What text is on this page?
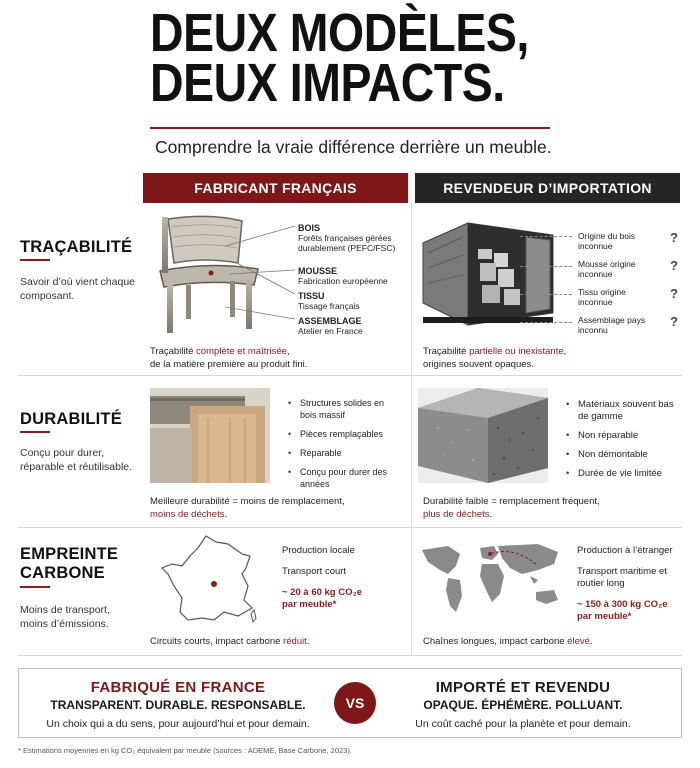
DEUX MODÈLES,
DEUX IMPACTS.
Comprendre la vraie différence derrière un meuble.
FABRICANT FRANÇAIS	REVENDEUR D’IMPORTATION
TRAÇABILITÉ
Savoir d’où vient chaque composant.
BOIS
Forêts françaises gérées durablement (PEFC/FSC)
MOUSSE
Fabrication européenne
TISSU
Tissage français
ASSEMBLAGE
Atelier en France
Traçabilité complète et maîtrisée,
de la matière première au produit fini.
Origine du bois inconnue
?
Mousse origine inconnue
?
Tissu origine inconnue
?
Assemblage pays inconnu
?
Traçabilité partielle ou inexistante,
origines souvent opaques.
DURABILITÉ
Conçu pour durer, réparable et réutilisable.
• Structures solides en bois massif
• Pièces remplaçables
• Réparable
• Conçu pour durer des années
Meilleure durabilité = moins de remplacement,
moins de déchets.
• Matériaux souvent bas de gamme
• Non réparable
• Non démontable
• Durée de vie limitée
Durabilité faible = remplacement fréquent,
plus de déchets.
EMPREINTE
CARBONE
Moins de transport, moins d’émissions.
Production locale
Transport court
~ 20 à 60 kg CO₂e par meuble*
Circuits courts, impact carbone réduit.
Production à l’étranger
Transport maritime et routier long
~ 150 à 300 kg CO₂e par meuble*
Chaînes longues, impact carbone élevé.
FABRIQUÉ EN FRANCE
TRANSPARENT. DURABLE. RESPONSABLE.
Un choix qui a du sens, pour aujourd’hui et pour demain.
IMPORTÉ ET REVENDU
OPAQUE. ÉPHÉMÈRE. POLLUANT.
Un coût caché pour la planète et pour demain.
VS
* Estimations moyennes en kg CO₂ équivalent par meuble (sources : ADEME, Base Carbone, 2023).
